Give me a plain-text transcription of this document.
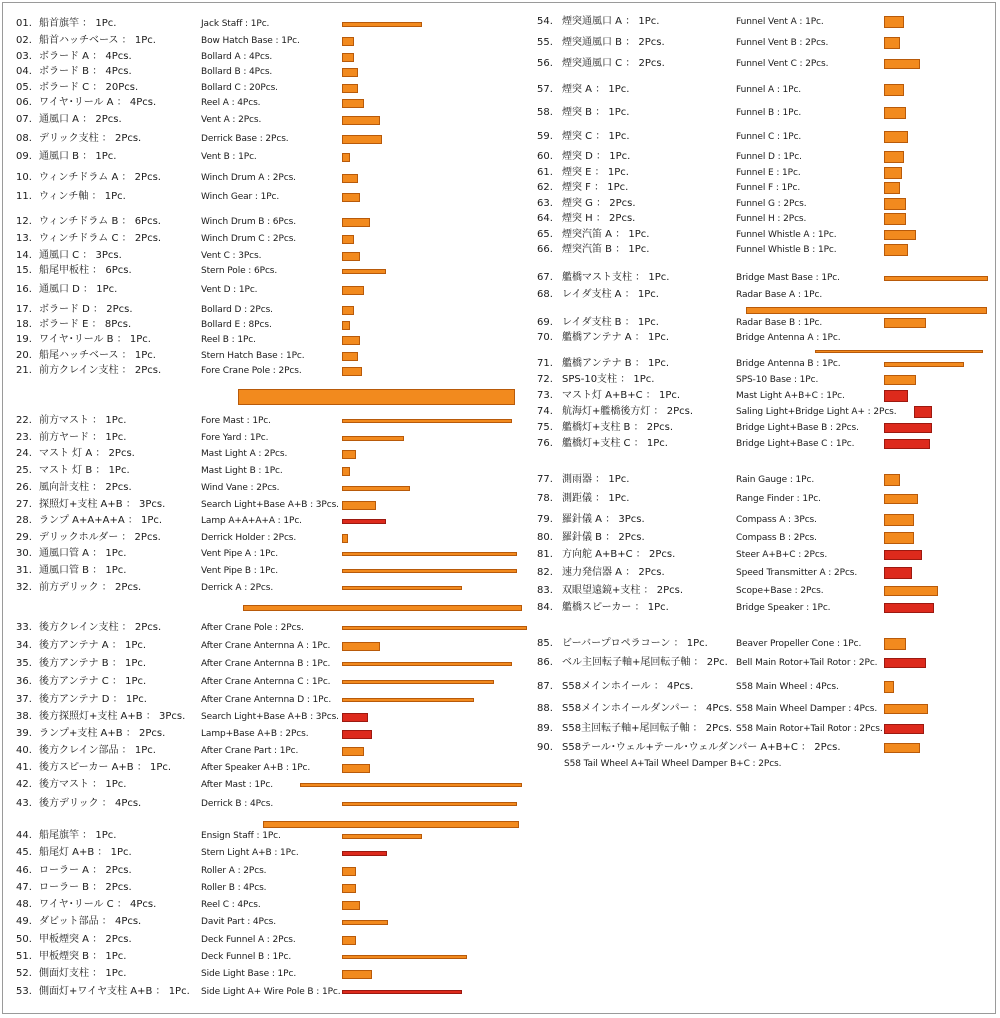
01. 船首旗竿 ： 1Pc.	Jack Staff : 1Pc.
02. 船首ハッチベース ： 1Pc.	Bow Hatch Base : 1Pc.
03. ボラード A ： 4Pcs.	Bollard A : 4Pcs.
04. ボラード B ： 4Pcs.	Bollard B : 4Pcs.
05. ボラード C ： 20Pcs.	Bollard C : 20Pcs.
06. ワイヤ･リール A ： 4Pcs.	Reel A : 4Pcs.
07. 通風口 A ： 2Pcs.	Vent A : 2Pcs.
08. デリック支柱 ： 2Pcs.	Derrick Base : 2Pcs.
09. 通風口 B ： 1Pc.	Vent B : 1Pc.
10. ウィンチドラム A ： 2Pcs.	Winch Drum A : 2Pcs.
11. ウィンチ軸 ： 1Pc.	Winch Gear : 1Pc.
12. ウィンチドラム B ： 6Pcs.	Winch Drum B : 6Pcs.
13. ウィンチドラム C ： 2Pcs.	Winch Drum C : 2Pcs.
14. 通風口 C ： 3Pcs.	Vent C : 3Pcs.
15. 船尾甲板柱 ： 6Pcs.	Stern Pole : 6Pcs.
16. 通風口 D ： 1Pc.	Vent D : 1Pc.
17. ボラード D ： 2Pcs.	Bollard D : 2Pcs.
18. ボラード E ： 8Pcs.	Bollard E : 8Pcs.
19. ワイヤ･リール B ： 1Pc.	Reel B : 1Pc.
20. 船尾ハッチベース ： 1Pc.	Stern Hatch Base : 1Pc.
21. 前方クレイン支柱 ： 2Pcs.	Fore Crane Pole : 2Pcs.
22. 前方マスト ： 1Pc.	Fore Mast : 1Pc.
23. 前方ヤード ： 1Pc.	Fore Yard : 1Pc.
24. マスト 灯 A ： 2Pcs.	Mast Light A : 2Pcs.
25. マスト 灯 B ： 1Pc.	Mast Light B : 1Pc.
26. 風向計支柱 ： 2Pcs.	Wind Vane : 2Pcs.
27. 探照灯+支柱 A+B ： 3Pcs.	Search Light+Base A+B : 3Pcs.
28. ランプ A+A+A+A ： 1Pc.	Lamp A+A+A+A : 1Pc.
29. デリックホルダー ： 2Pcs.	Derrick Holder : 2Pcs.
30. 通風口管 A ： 1Pc.	Vent Pipe A : 1Pc.
31. 通風口管 B ： 1Pc.	Vent Pipe B : 1Pc.
32. 前方デリック ： 2Pcs.	Derrick A : 2Pcs.
33. 後方クレイン支柱 ： 2Pcs.	After Crane Pole : 2Pcs.
34. 後方アンテナ A ： 1Pc.	After Crane Anternna A : 1Pc.
35. 後方アンテナ B ： 1Pc.	After Crane Anternna B : 1Pc.
36. 後方アンテナ C ： 1Pc.	After Crane Anternna C : 1Pc.
37. 後方アンテナ D ： 1Pc.	After Crane Anternna D : 1Pc.
38. 後方探照灯+支柱 A+B ： 3Pcs. Search Light+Base A+B : 3Pcs.
39. ランプ+支柱 A+B ： 2Pcs.	Lamp+Base A+B : 2Pcs.
40. 後方クレイン部品 ： 1Pc.	After Crane Part : 1Pc.
41. 後方スピーカー A+B ： 1Pc.	After Speaker A+B : 1Pc.
42. 後方マスト ： 1Pc.	After Mast : 1Pc.
43. 後方デリック ： 4Pcs.	Derrick B : 4Pcs.
44. 船尾旗竿 ： 1Pc.	Ensign Staff : 1Pc.
45. 船尾灯 A+B ： 1Pc.	Stern Light A+B : 1Pc.
46. ローラー A ： 2Pcs.	Roller A : 2Pcs.
47. ローラー B ： 2Pcs.	Roller B : 4Pcs.
48. ワイヤ･リール C ： 4Pcs.	Reel C : 4Pcs.
49. ダビット部品 ： 4Pcs.	Davit Part : 4Pcs.
50. 甲板煙突 A ： 2Pcs.	Deck Funnel A : 2Pcs.
51. 甲板煙突 B ： 1Pc.	Deck Funnel B : 1Pc.
52. 側面灯支柱 ： 1Pc.	Side Light Base : 1Pc.
53. 側面灯+ワイヤ支柱 A+B ： 1Pc. Side Light A+ Wire Pole B : 1Pc.
54. 煙突通風口 A ： 1Pc.	Funnel Vent A : 1Pc.
55. 煙突通風口 B ： 2Pcs.	Funnel Vent B : 2Pcs.
56. 煙突通風口 C ： 2Pcs.	Funnel Vent C : 2Pcs.
57. 煙突 A ： 1Pc.	Funnel A : 1Pc.
58. 煙突 B ： 1Pc.	Funnel B : 1Pc.
59. 煙突 C ： 1Pc.	Funnel C : 1Pc.
60. 煙突 D ： 1Pc.	Funnel D : 1Pc.
61. 煙突 E ： 1Pc.	Funnel E : 1Pc.
62. 煙突 F ： 1Pc.	Funnel F : 1Pc.
63. 煙突 G ： 2Pcs.	Funnel G : 2Pcs.
64. 煙突 H ： 2Pcs.	Funnel H : 2Pcs.
65. 煙突汽笛 A ： 1Pc.	Funnel Whistle A : 1Pc.
66. 煙突汽笛 B ： 1Pc.	Funnel Whistle B : 1Pc.
67. 艦橋マスト支柱 ： 1Pc.	Bridge Mast Base : 1Pc.
68. レイダ支柱 A ： 1Pc.	Radar Base A : 1Pc.
69. レイダ支柱 B ： 1Pc.	Radar Base B : 1Pc.
70. 艦橋アンテナ A ： 1Pc.	Bridge Antenna A : 1Pc.
71. 艦橋アンテナ B ： 1Pc.	Bridge Antenna B : 1Pc.
72. SPS-10支柱 ： 1Pc.	SPS-10 Base : 1Pc.
73. マスト灯 A+B+C ： 1Pc.	Mast Light A+B+C : 1Pc.
74. 航海灯+艦橋後方灯 ： 2Pcs.	Saling Light+Bridge Light A+ : 2Pcs.
75. 艦橋灯+支柱 B ： 2Pcs.	Bridge Light+Base B : 2Pcs.
76. 艦橋灯+支柱 C ： 1Pc.	Bridge Light+Base C : 1Pc.
77. 測雨器 ： 1Pc.	Rain Gauge : 1Pc.
78. 測距儀 ： 1Pc.	Range Finder : 1Pc.
79. 羅針儀 A ： 3Pcs.	Compass A : 3Pcs.
80. 羅針儀 B ： 2Pcs.	Compass B : 2Pcs.
81. 方向舵 A+B+C ： 2Pcs.	Steer A+B+C : 2Pcs.
82. 速力発信器 A ： 2Pcs.	Speed Transmitter A : 2Pcs.
83. 双眼望遠鏡+支柱 ： 2Pcs.	Scope+Base : 2Pcs.
84. 艦橋スピーカー ： 1Pc.	Bridge Speaker : 1Pc.
85. ビーバープロペラコーン ： 1Pc.	Beaver Propeller Cone : 1Pc.
86. ベル主回転子軸+尾回転子軸 ： 2Pc. Bell Main Rotor+Tail Rotor : 2Pc.
87. S58メインホイール ： 4Pcs.	S58 Main Wheel : 4Pcs.
88. S58メインホイールダンパー ： 4Pcs. S58 Main Wheel Damper : 4Pcs.
89. S58主回転子軸+尾回転子軸 ： 2Pcs. S58 Main Rotor+Tail Rotor : 2Pcs.
90. S58テール･ウェル+テール･ウェルダンパー A+B+C ： 2Pcs.
S58 Tail Wheel A+Tail Wheel Damper B+C : 2Pcs.
